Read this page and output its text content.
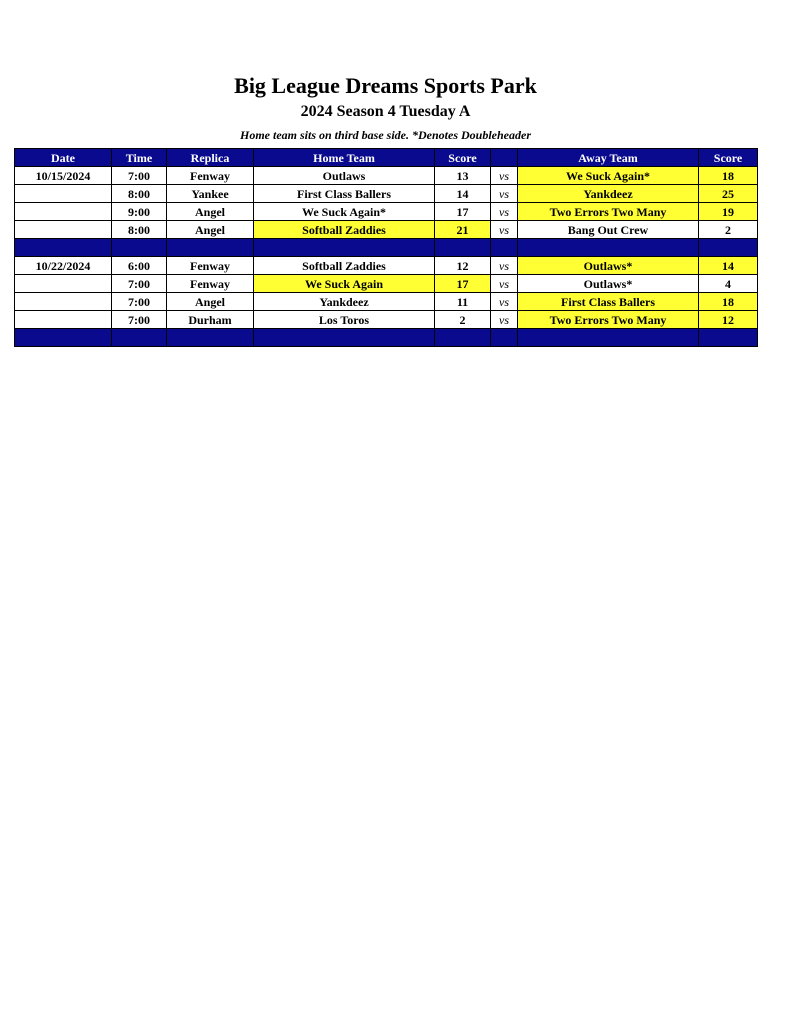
Big League Dreams Sports Park
2024 Season 4 Tuesday A
Home team sits on third base side. *Denotes Doubleheader
Date	Time	Replica	Home Team	Score		Away Team	Score
10/15/2024	7:00	Fenway	Outlaws	13	vs	We Suck Again*	18
	8:00	Yankee	First Class Ballers	14	vs	Yankdeez	25
	9:00	Angel	We Suck Again*	17	vs	Two Errors Two Many	19
	8:00	Angel	Softball Zaddies	21	vs	Bang Out Crew	2

10/22/2024	6:00	Fenway	Softball Zaddies	12	vs	Outlaws*	14
	7:00	Fenway	We Suck Again	17	vs	Outlaws*	4
	7:00	Angel	Yankdeez	11	vs	First Class Ballers	18
	7:00	Durham	Los Toros	2	vs	Two Errors Two Many	12
